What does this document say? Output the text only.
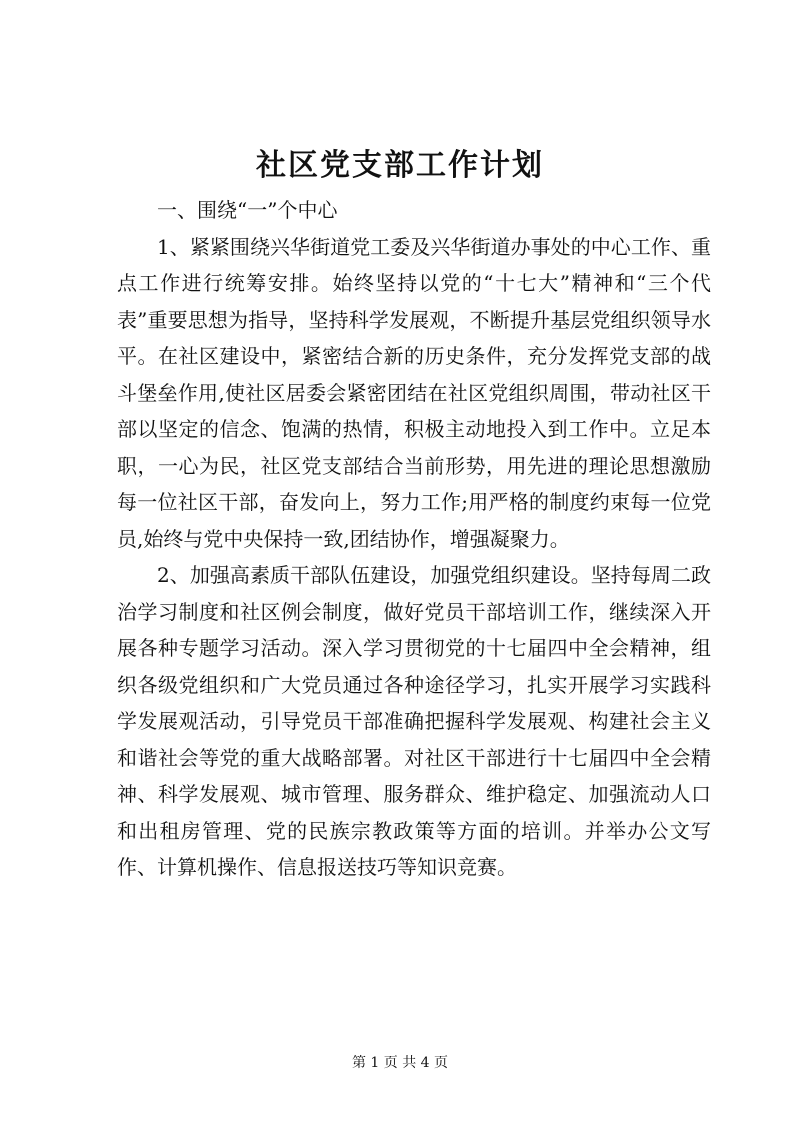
社区党支部工作计划

一、围绕“一”个中心

1、紧紧围绕兴华街道党工委及兴华街道办事处的中心工作、重点工作进行统筹安排。始终坚持以党的“十七大”精神和“三个代表”重要思想为指导，坚持科学发展观，不断提升基层党组织领导水平。在社区建设中，紧密结合新的历史条件，充分发挥党支部的战斗堡垒作用,使社区居委会紧密团结在社区党组织周围，带动社区干部以坚定的信念、饱满的热情，积极主动地投入到工作中。立足本职，一心为民，社区党支部结合当前形势，用先进的理论思想激励每一位社区干部，奋发向上，努力工作;用严格的制度约束每一位党员,始终与党中央保持一致,团结协作，增强凝聚力。

2、加强高素质干部队伍建设，加强党组织建设。坚持每周二政治学习制度和社区例会制度，做好党员干部培训工作，继续深入开展各种专题学习活动。深入学习贯彻党的十七届四中全会精神，组织各级党组织和广大党员通过各种途径学习，扎实开展学习实践科学发展观活动，引导党员干部准确把握科学发展观、构建社会主义和谐社会等党的重大战略部署。对社区干部进行十七届四中全会精神、科学发展观、城市管理、服务群众、维护稳定、加强流动人口和出租房管理、党的民族宗教政策等方面的培训。并举办公文写作、计算机操作、信息报送技巧等知识竞赛。

第 1 页 共 4 页
